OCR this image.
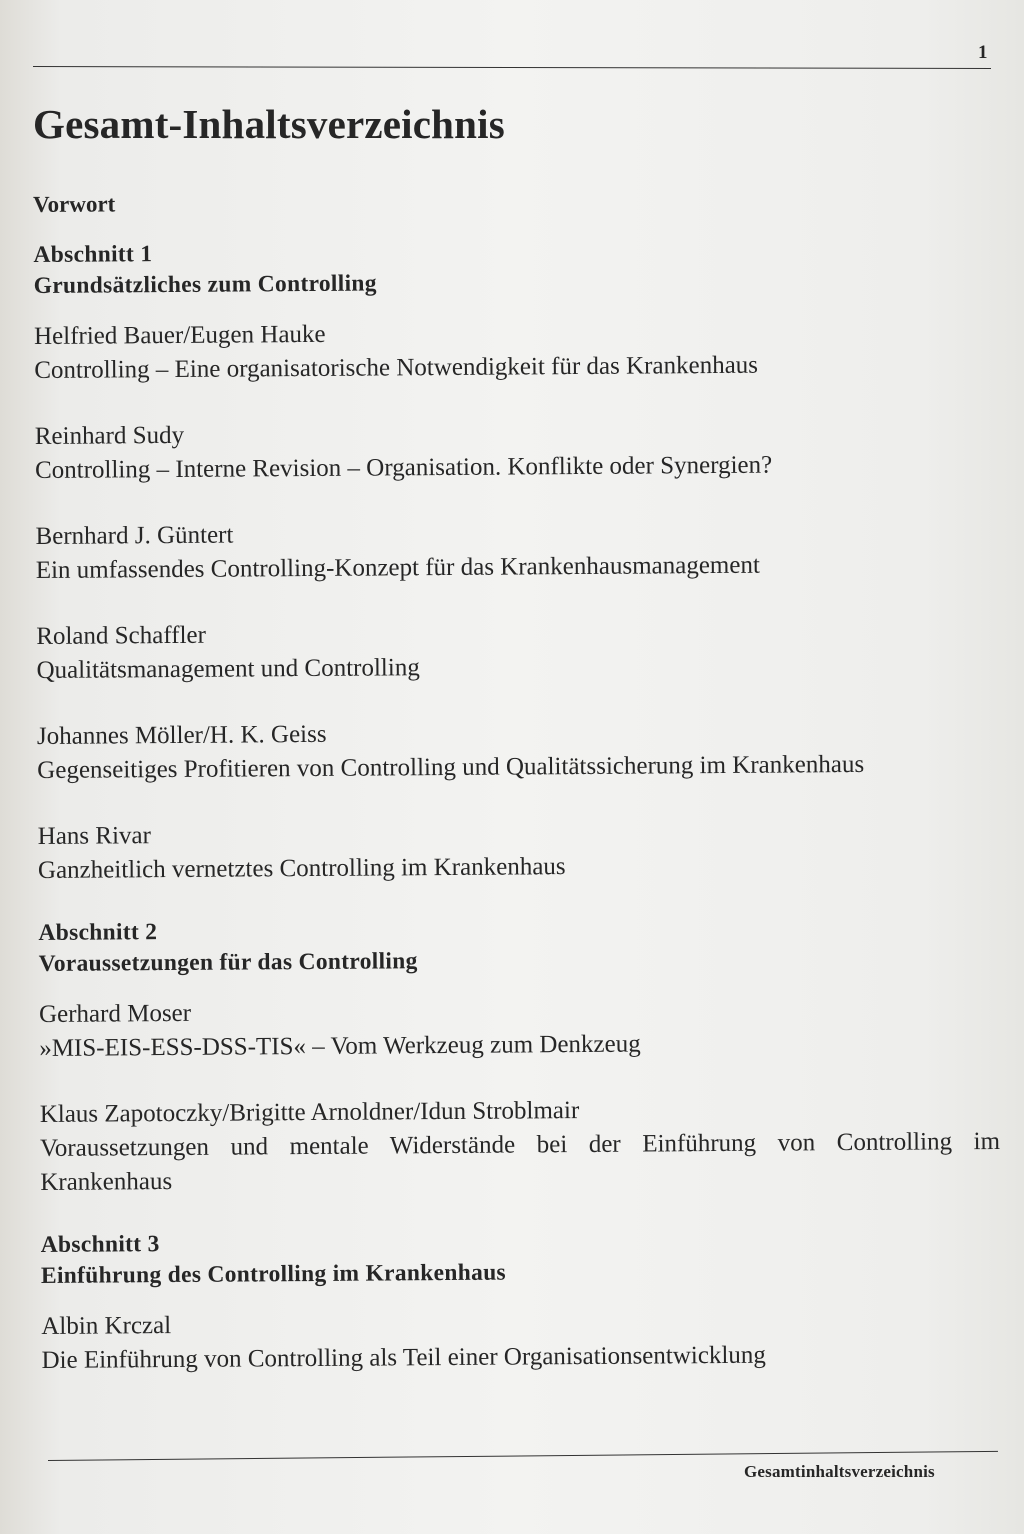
1
Gesamt-Inhaltsverzeichnis
Vorwort
Abschnitt 1
Grundsätzliches zum Controlling
Helfried Bauer/Eugen Hauke
Controlling – Eine organisatorische Notwendigkeit für das Krankenhaus
Reinhard Sudy
Controlling – Interne Revision – Organisation. Konflikte oder Synergien?
Bernhard J. Güntert
Ein umfassendes Controlling-Konzept für das Krankenhausmanagement
Roland Schaffler
Qualitätsmanagement und Controlling
Johannes Möller/H. K. Geiss
Gegenseitiges Profitieren von Controlling und Qualitätssicherung im Krankenhaus
Hans Rivar
Ganzheitlich vernetztes Controlling im Krankenhaus
Abschnitt 2
Voraussetzungen für das Controlling
Gerhard Moser
»MIS-EIS-ESS-DSS-TIS« – Vom Werkzeug zum Denkzeug
Klaus Zapotoczky/Brigitte Arnoldner/Idun Stroblmair
Voraussetzungen und mentale Widerstände bei der Einführung von Controlling im Krankenhaus
Abschnitt 3
Einführung des Controlling im Krankenhaus
Albin Krczal
Die Einführung von Controlling als Teil einer Organisationsentwicklung
Gesamtinhaltsverzeichnis
